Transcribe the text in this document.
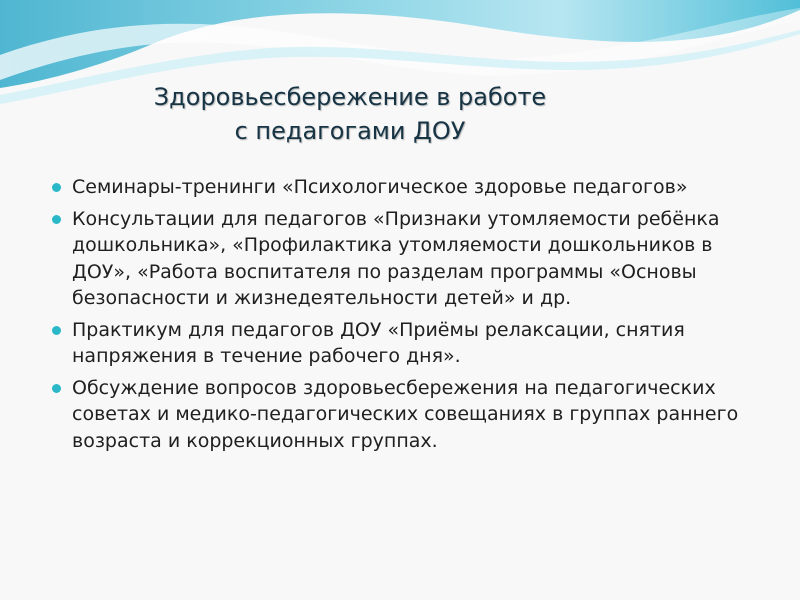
Здоровьесбережение в работе
с педагогами ДОУ
Семинары-тренинги «Психологическое здоровье педагогов»
Консультации для педагогов «Признаки утомляемости ребёнка дошкольника», «Профилактика утомляемости дошкольников в ДОУ», «Работа воспитателя по разделам программы «Основы безопасности и жизнедеятельности детей» и др.
Практикум для педагогов ДОУ «Приёмы релаксации, снятия напряжения в течение рабочего дня».
Обсуждение вопросов здоровьесбережения на педагогических советах и медико-педагогических совещаниях в группах раннего возраста и коррекционных группах.
